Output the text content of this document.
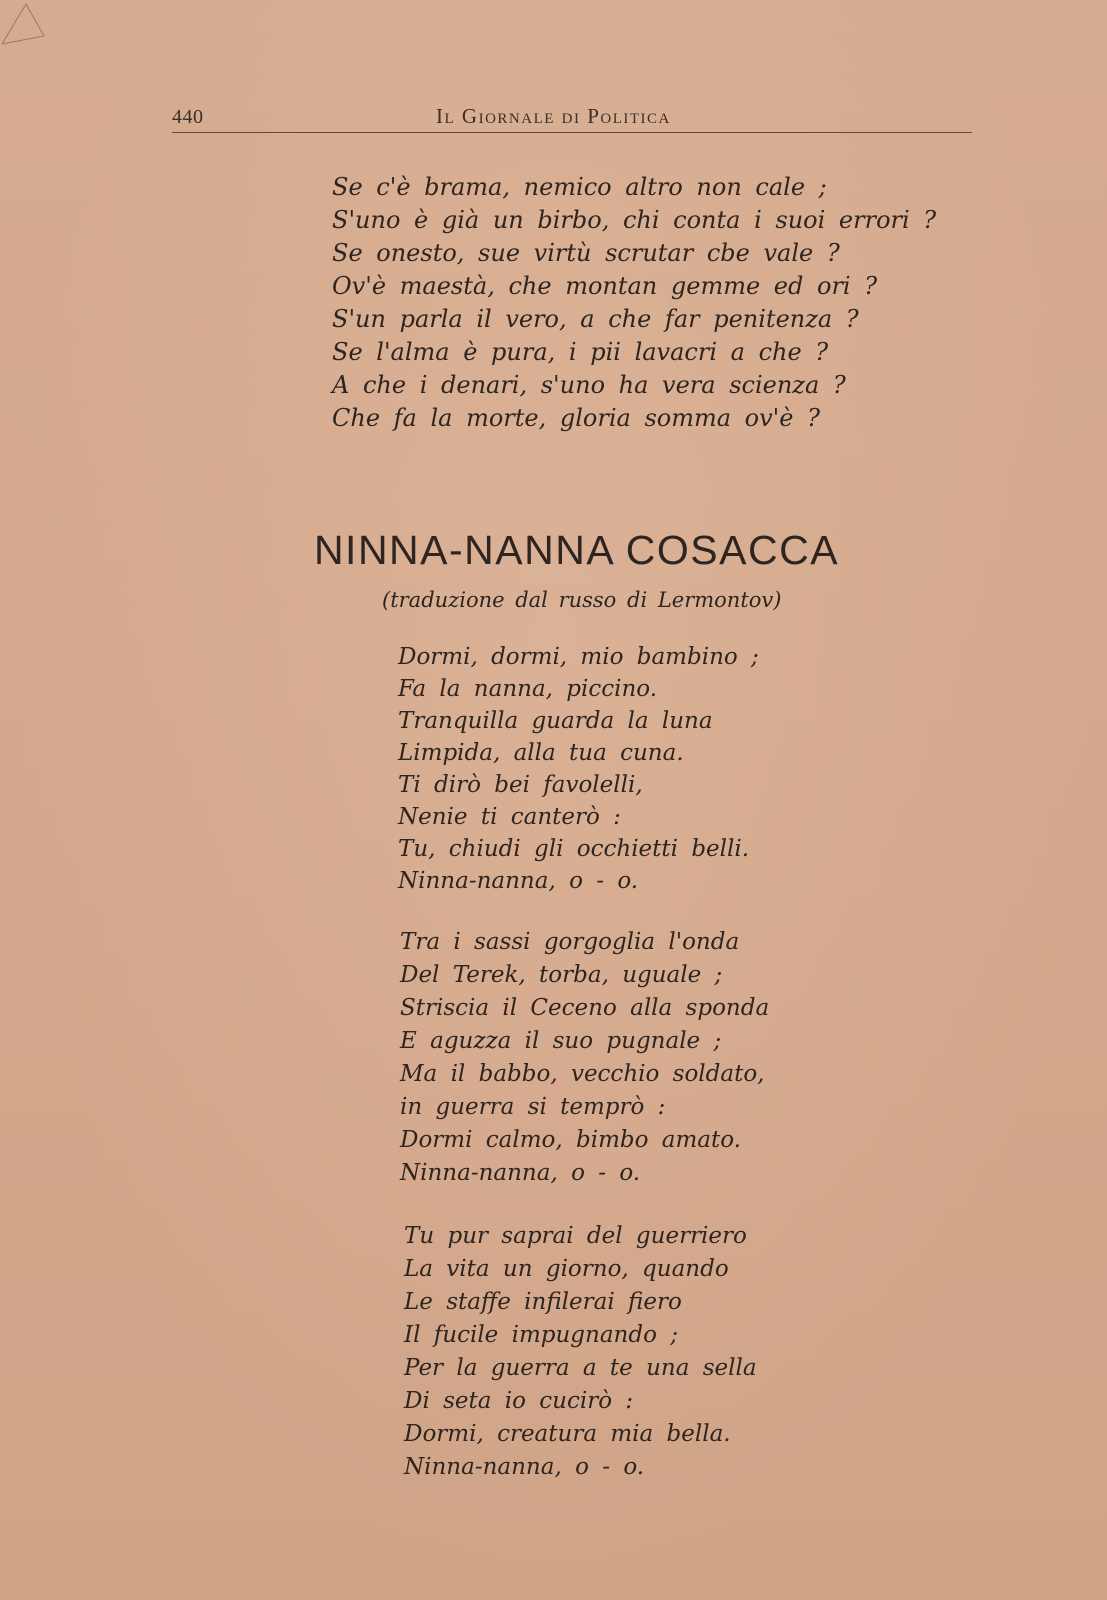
440	Il Giornale di Politica
Se c'è brama, nemico altro non cale ;
S'uno è già un birbo, chi conta i suoi errori ?
Se onesto, sue virtù scrutar cbe vale ?
Ov'è maestà, che montan gemme ed ori ?
S'un parla il vero, a che far penitenza ?
Se l'alma è pura, i pii lavacri a che ?
A che i denari, s'uno ha vera scienza ?
Che fa la morte, gloria somma ov'è ?
NINNA-NANNA COSACCA
(traduzione dal russo di Lermontov)
Dormi, dormi, mio bambino ;
Fa la nanna, piccino.
Tranquilla guarda la luna
Limpida, alla tua cuna.
Ti dirò bei favolelli,
Nenie ti canterò :
Tu, chiudi gli occhietti belli.
Ninna-nanna, o - o.
Tra i sassi gorgoglia l'onda
Del Terek, torba, uguale ;
Striscia il Ceceno alla sponda
E aguzza il suo pugnale ;
Ma il babbo, vecchio soldato,
in guerra si temprò :
Dormi calmo, bimbo amato.
Ninna-nanna, o - o.
Tu pur saprai del guerriero
La vita un giorno, quando
Le staffe infilerai fiero
Il fucile impugnando ;
Per la guerra a te una sella
Di seta io cucirò :
Dormi, creatura mia bella.
Ninna-nanna, o - o.
